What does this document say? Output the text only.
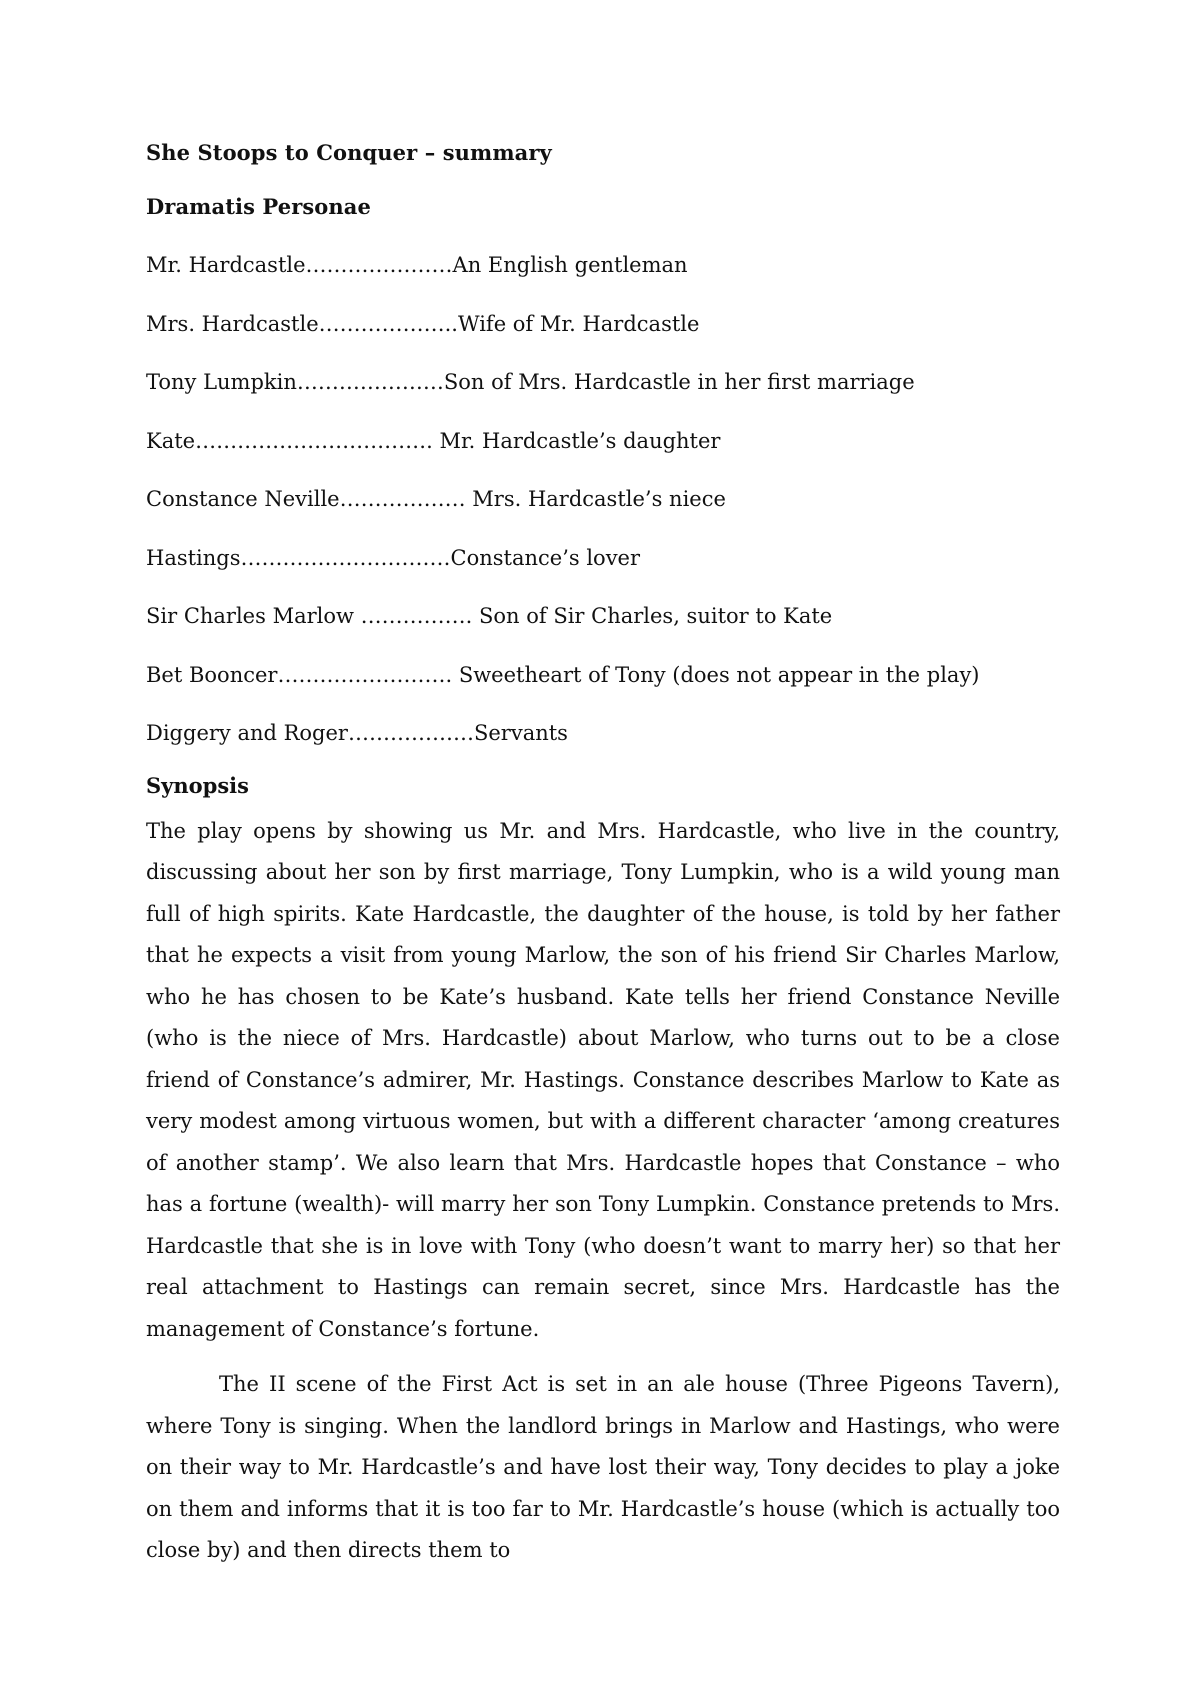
She Stoops to Conquer – summary
Dramatis Personae
Mr. Hardcastle…………………An English gentleman
Mrs. Hardcastle………………..Wife of Mr. Hardcastle
Tony Lumpkin…………………Son of Mrs. Hardcastle in her first marriage
Kate……………………………. Mr. Hardcastle’s daughter
Constance Neville……………… Mrs. Hardcastle’s niece
Hastings…………………………Constance’s lover
Sir Charles Marlow ……………. Son of Sir Charles, suitor to Kate
Bet Booncer……………………. Sweetheart of Tony (does not appear in the play)
Diggery and Roger………………Servants
Synopsis

The play opens by showing us Mr. and Mrs. Hardcastle, who live in the country, discussing about her son by first marriage, Tony Lumpkin, who is a wild young man full of high spirits. Kate Hardcastle, the daughter of the house, is told by her father that he expects a visit from young Marlow, the son of his friend Sir Charles Marlow, who he has chosen to be Kate’s husband. Kate tells her friend Constance Neville (who is the niece of Mrs. Hardcastle) about Marlow, who turns out to be a close friend of Constance’s admirer, Mr. Hastings. Constance describes Marlow to Kate as very modest among virtuous women, but with a different character ‘among creatures of another stamp’. We also learn that Mrs. Hardcastle hopes that Constance – who has a fortune (wealth)- will marry her son Tony Lumpkin. Constance pretends to Mrs. Hardcastle that she is in love with Tony (who doesn’t want to marry her) so that her real attachment to Hastings can remain secret, since Mrs. Hardcastle has the management of Constance’s fortune.

The II scene of the First Act is set in an ale house (Three Pigeons Tavern), where Tony is singing. When the landlord brings in Marlow and Hastings, who were on their way to Mr. Hardcastle’s and have lost their way, Tony decides to play a joke on them and informs that it is too far to Mr. Hardcastle’s house (which is actually too close by) and then directs them to
